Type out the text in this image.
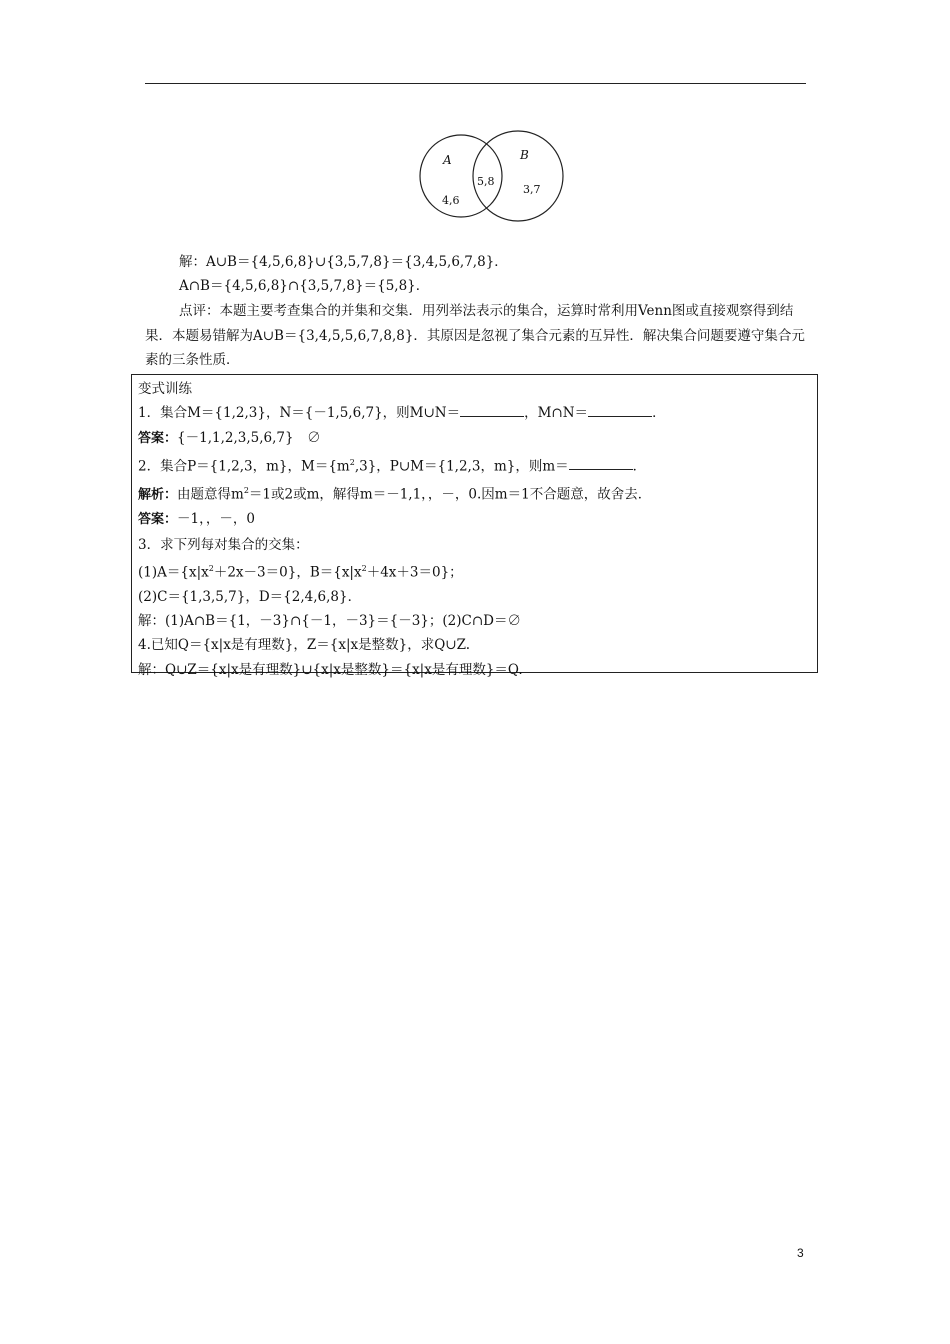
A	B
5,8
4,6
3,7
解：A∪B＝{4,5,6,8}∪{3,5,7,8}＝{3,4,5,6,7,8}．
A∩B＝{4,5,6,8}∩{3,5,7,8}＝{5,8}．
点评：本题主要考查集合的并集和交集．用列举法表示的集合，运算时常利用Venn图或直接观察得到结果．本题易错解为A∪B＝{3,4,5,5,6,7,8,8}．其原因是忽视了集合元素的互异性．解决集合问题要遵守集合元素的三条性质．
变式训练
1．集合M＝{1,2,3}，N＝{－1,5,6,7}，则M∪N＝	，M∩N＝	．
答案：{－1,1,2,3,5,6,7}　∅
2．集合P＝{1,2,3，m}，$M=\{m^2,3\}$，P∪M＝{1,2,3，m}，则m＝	．
解析：由题意得$m^2=1$或2或m，解得m＝－1,1，，－，0.因m＝1不合题意，故舍去．
答案：－1，，－，0
3．求下列每对集合的交集：
$(1)A=\{x|x^2+2x-3=0\}$，$B=\{x|x^2+4x+3=0\}$；
(2)C＝{1,3,5,7}，D＝{2,4,6,8}．
解：(1)A∩B＝{1，－3}∩{－1，－3}＝{－3}；(2)C∩D＝∅
4.已知Q＝{x|x是有理数}，Z＝{x|x是整数}，求Q∪Z.
解：Q∪Z＝{x|x是有理数}∪{x|x是整数}＝{x|x是有理数}＝Q.
3
